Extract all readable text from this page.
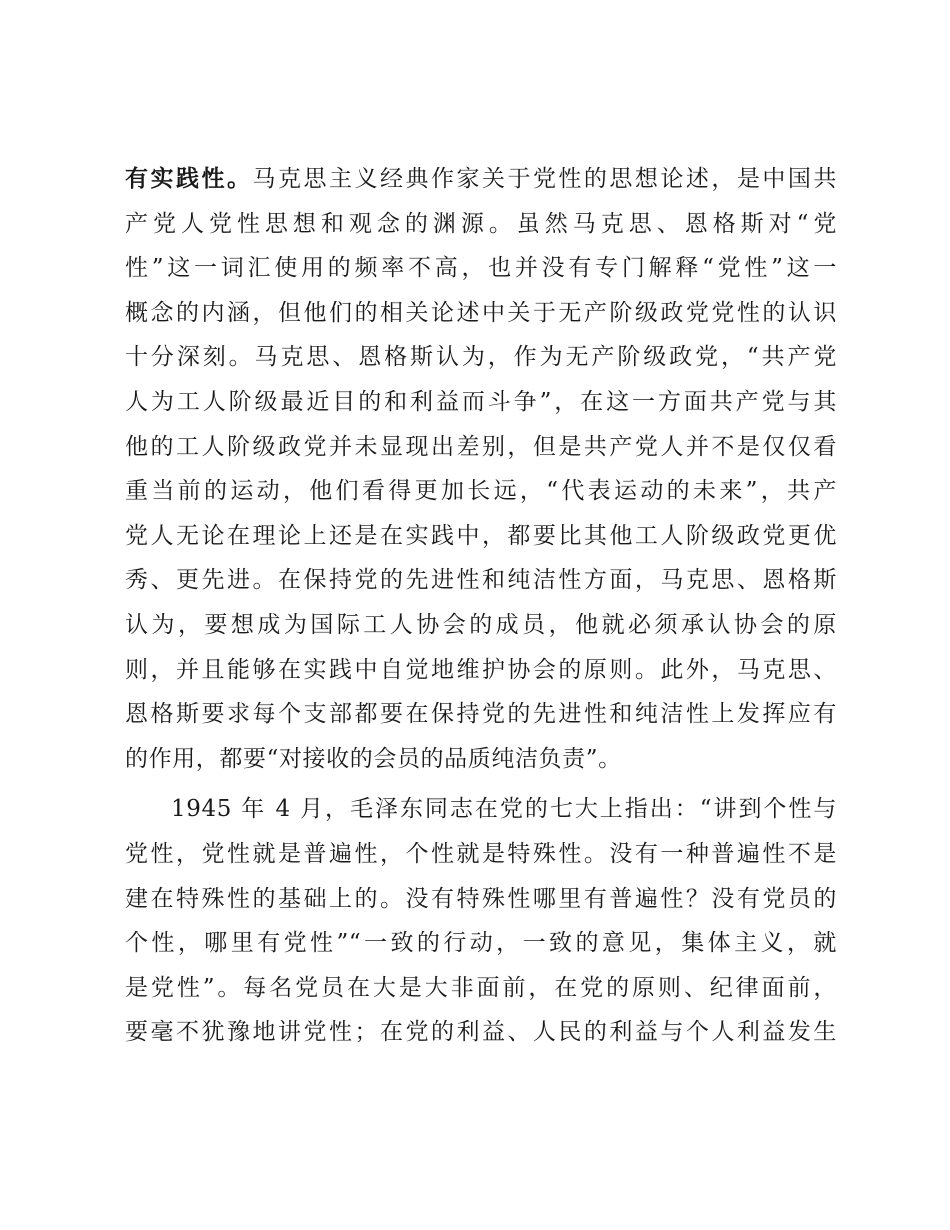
有实践性。马克思主义经典作家关于党性的思想论述，是中国共
产党人党性思想和观念的渊源。虽然马克思、恩格斯对“党
性”这一词汇使用的频率不高，也并没有专门解释“党性”这一
概念的内涵，但他们的相关论述中关于无产阶级政党党性的认识
十分深刻。马克思、恩格斯认为，作为无产阶级政党，“共产党
人为工人阶级最近目的和利益而斗争”，在这一方面共产党与其
他的工人阶级政党并未显现出差别，但是共产党人并不是仅仅看
重当前的运动，他们看得更加长远，“代表运动的未来”，共产
党人无论在理论上还是在实践中，都要比其他工人阶级政党更优
秀、更先进。在保持党的先进性和纯洁性方面，马克思、恩格斯
认为，要想成为国际工人协会的成员，他就必须承认协会的原
则，并且能够在实践中自觉地维护协会的原则。此外，马克思、
恩格斯要求每个支部都要在保持党的先进性和纯洁性上发挥应有
的作用，都要“对接收的会员的品质纯洁负责”。
1945 年 4 月，毛泽东同志在党的七大上指出：“讲到个性与
党性，党性就是普遍性，个性就是特殊性。没有一种普遍性不是
建在特殊性的基础上的。没有特殊性哪里有普遍性？没有党员的
个性，哪里有党性”“一致的行动，一致的意见，集体主义，就
是党性”。每名党员在大是大非面前，在党的原则、纪律面前，
要毫不犹豫地讲党性；在党的利益、人民的利益与个人利益发生
